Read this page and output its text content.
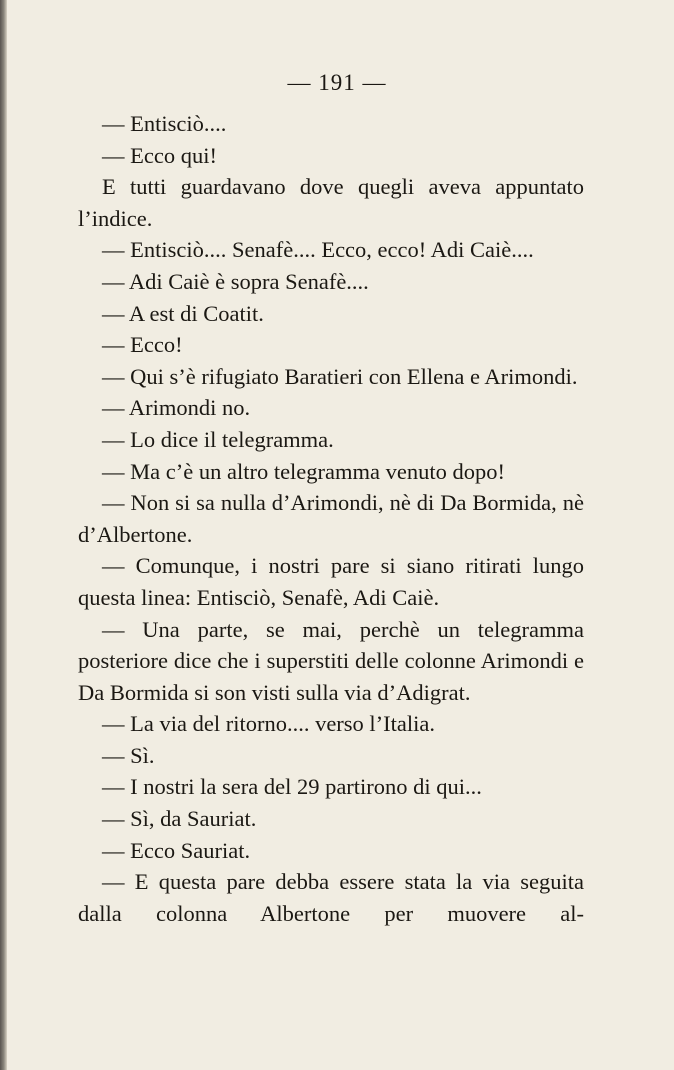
— 191 —

— Entisciò....

— Ecco qui!

E tutti guardavano dove quegli aveva appuntato l’indice.

— Entisciò.... Senafè.... Ecco, ecco! Adi Caiè....

— Adi Caiè è sopra Senafè....

— A est di Coatit.

— Ecco!

— Qui s’è rifugiato Baratieri con Ellena e Arimondi.

— Arimondi no.

— Lo dice il telegramma.

— Ma c’è un altro telegramma venuto dopo!

— Non si sa nulla d’Arimondi, nè di Da Bormida, nè d’Albertone.

— Comunque, i nostri pare si siano ritirati lungo questa linea: Entisciò, Senafè, Adi Caiè.

— Una parte, se mai, perchè un telegramma posteriore dice che i superstiti delle colonne Arimondi e Da Bormida si son visti sulla via d’Adigrat.

— La via del ritorno.... verso l’Italia.

— Sì.

— I nostri la sera del 29 partirono di qui...

— Sì, da Sauriat.

— Ecco Sauriat.

— E questa pare debba essere stata la via seguita dalla colonna Albertone per muovere al-
